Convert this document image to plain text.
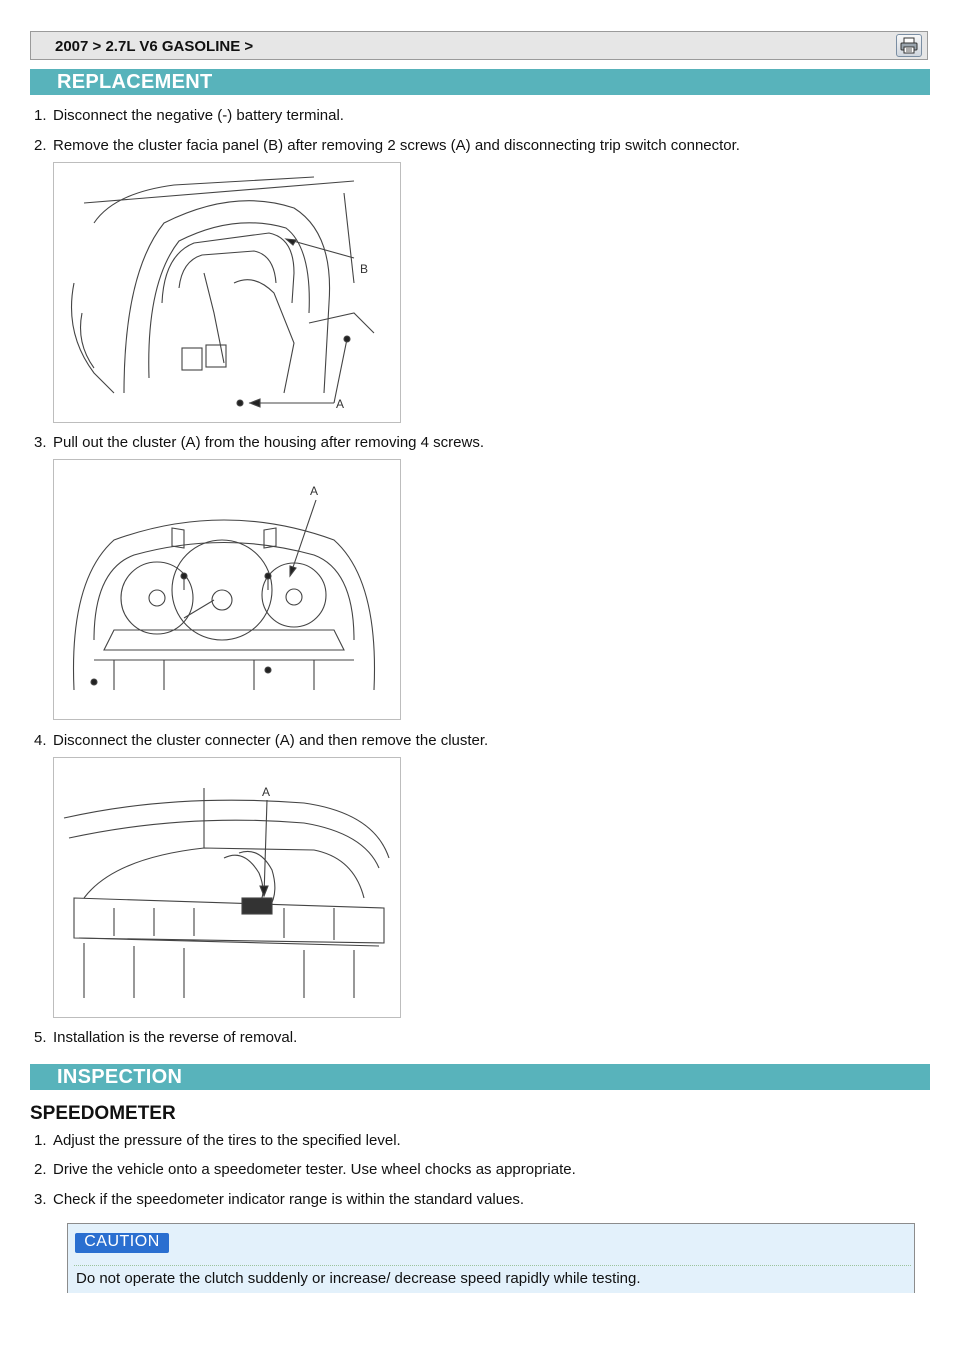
2007 > 2.7L V6 GASOLINE >
REPLACEMENT
1. Disconnect the negative (-) battery terminal.
2. Remove the cluster facia panel (B) after removing 2 screws (A) and disconnecting trip switch connector.
B
A
3. Pull out the cluster (A) from the housing after removing 4 screws.
A
4. Disconnect the cluster connecter (A) and then remove the cluster.
A
5. Installation is the reverse of removal.
INSPECTION
SPEEDOMETER
1. Adjust the pressure of the tires to the specified level.
2. Drive the vehicle onto a speedometer tester. Use wheel chocks as appropriate.
3. Check if the speedometer indicator range is within the standard values.
CAUTION
Do not operate the clutch suddenly or increase/ decrease speed rapidly while testing.
